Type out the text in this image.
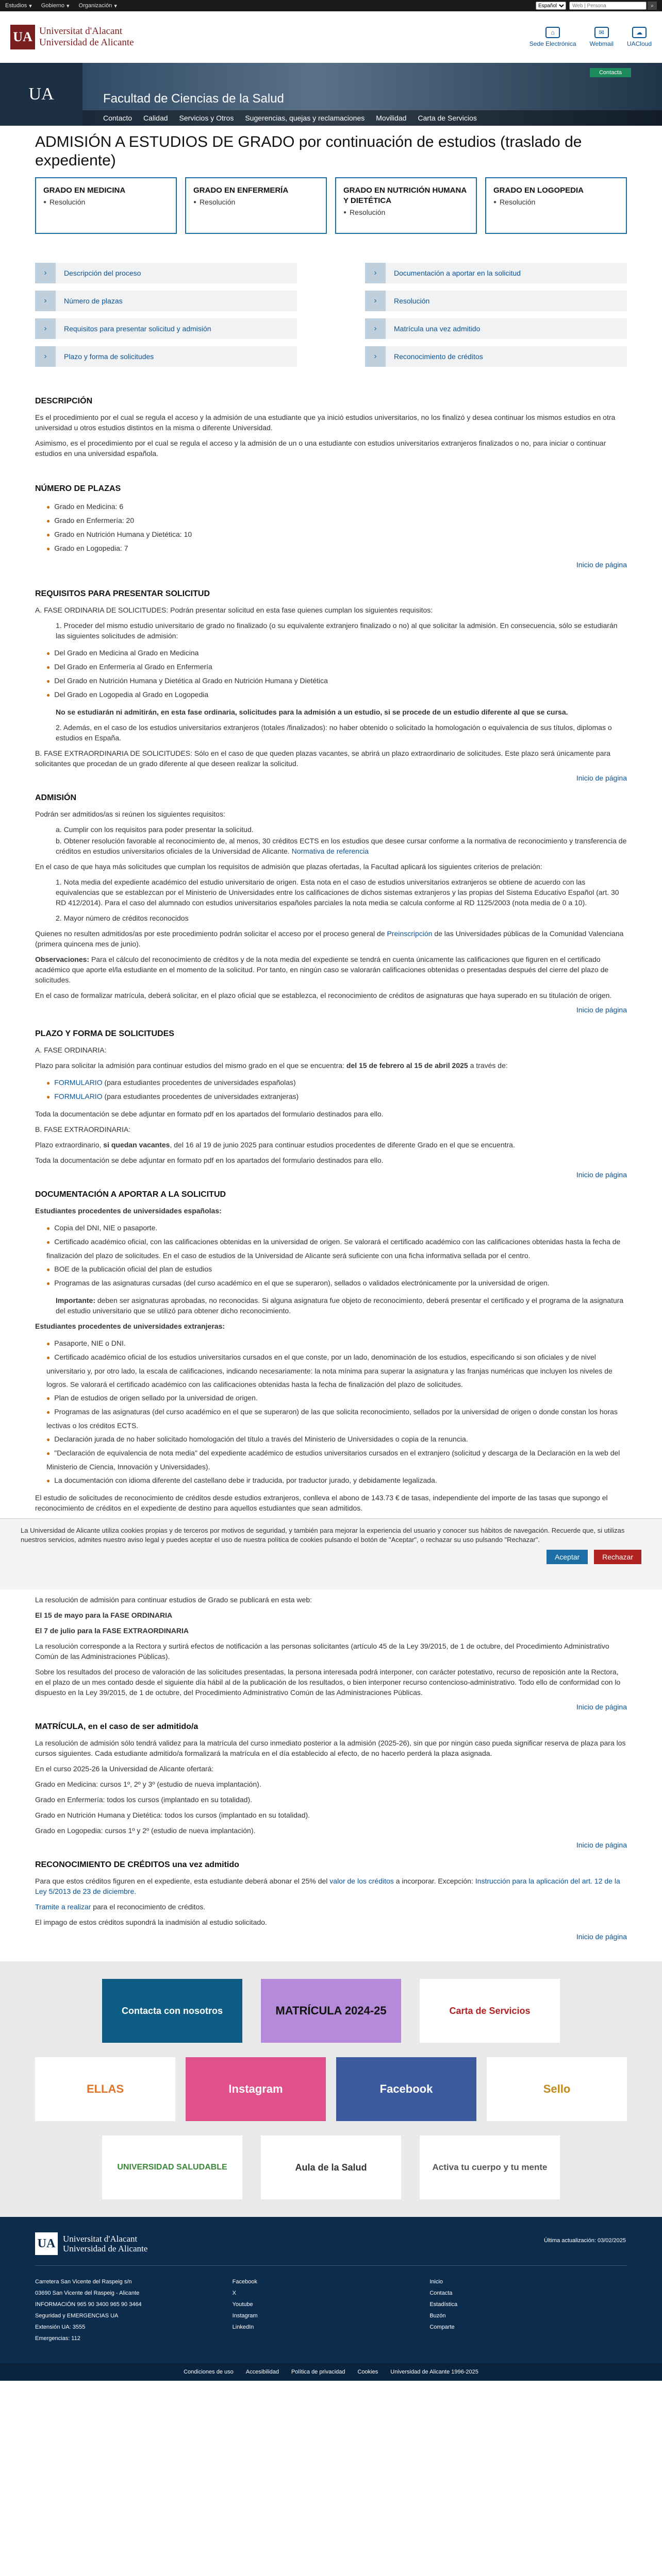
Estudios ▾ Gobierno ▾ Organización ▾
Español
Web | Persona	⌕
UA Universitat d'Alacant
Universidad de Alicante
⌂
Sede Electrónica
✉
Webmail
☁
UACloud
UA	Facultad de Ciencias de la Salud
Contacta
Contacto Calidad Servicios y Otros Sugerencias, quejas y reclamaciones Movilidad Carta de Servicios
ADMISIÓN A ESTUDIOS DE GRADO por continuación de estudios (traslado de expediente)
GRADO EN MEDICINA
● Resolución
GRADO EN ENFERMERÍA
● Resolución
GRADO EN NUTRICIÓN HUMANA Y DIETÉTICA
● Resolución
GRADO EN LOGOPEDIA
● Resolución
›	Descripción del proceso	›	Documentación a aportar en la solicitud
›	Número de plazas	›	Resolución
›	Requisitos para presentar solicitud y admisión	›	Matrícula una vez admitido
›	Plazo y forma de solicitudes	›	Reconocimiento de créditos
DESCRIPCIÓN

Es el procedimiento por el cual se regula el acceso y la admisión de una estudiante que ya inició estudios universitarios, no los finalizó y desea continuar los mismos estudios en otra universidad u otros estudios distintos en la misma o diferente Universidad.

Asimismo, es el procedimiento por el cual se regula el acceso y la admisión de un o una estudiante con estudios universitarios extranjeros finalizados o no, para iniciar o continuar estudios en una universidad española.

NÚMERO DE PLAZAS
● Grado en Medicina: 6
● Grado en Enfermería: 20
● Grado en Nutrición Humana y Dietética: 10
● Grado en Logopedia: 7
Inicio de página
REQUISITOS PARA PRESENTAR SOLICITUD

A. FASE ORDINARIA DE SOLICITUDES: Podrán presentar solicitud en esta fase quienes cumplan los siguientes requisitos:

1. Proceder del mismo estudio universitario de grado no finalizado (o su equivalente extranjero finalizado o no) al que solicitar la admisión. En consecuencia, sólo se estudiarán las siguientes solicitudes de admisión:

● Del Grado en Medicina al Grado en Medicina
● Del Grado en Enfermería al Grado en Enfermería
● Del Grado en Nutrición Humana y Dietética al Grado en Nutrición Humana y Dietética
● Del Grado en Logopedia al Grado en Logopedia

No se estudiarán ni admitirán, en esta fase ordinaria, solicitudes para la admisión a un estudio, si se procede de un estudio diferente al que se cursa.

2. Además, en el caso de los estudios universitarios extranjeros (totales /finalizados): no haber obtenido o solicitado la homologación o equivalencia de sus títulos, diplomas o estudios en España.

B. FASE EXTRAORDINARIA DE SOLICITUDES: Sólo en el caso de que queden plazas vacantes, se abrirá un plazo extraordinario de solicitudes. Este plazo será únicamente para solicitantes que procedan de un grado diferente al que deseen realizar la solicitud.

Inicio de página
ADMISIÓN

Podrán ser admitidos/as si reúnen los siguientes requisitos:

a. Cumplir con los requisitos para poder presentar la solicitud.

b. Obtener resolución favorable al reconocimiento de, al menos, 30 créditos ECTS en los estudios que desee cursar conforme a la normativa de reconocimiento y transferencia de créditos en estudios universitarios oficiales de la Universidad de Alicante. Normativa de referencia

En el caso de que haya más solicitudes que cumplan los requisitos de admisión que plazas ofertadas, la Facultad aplicará los siguientes criterios de prelación:

1. Nota media del expediente académico del estudio universitario de origen. Esta nota en el caso de estudios universitarios extranjeros se obtiene de acuerdo con las equivalencias que se establezcan por el Ministerio de Universidades entre los calificaciones de dichos sistemas extranjeros y las propias del Sistema Educativo Español (art. 30 RD 412/2014). Para el caso del alumnado con estudios universitarios españoles parciales la nota media se calcula conforme al RD 1125/2003 (nota media de 0 a 10).

2. Mayor número de créditos reconocidos

Quienes no resulten admitidos/as por este procedimiento podrán solicitar el acceso por el proceso general de Preinscripción de las Universidades públicas de la Comunidad Valenciana (primera quincena mes de junio).

Observaciones: Para el cálculo del reconocimiento de créditos y de la nota media del expediente se tendrá en cuenta únicamente las calificaciones que figuren en el certificado académico que aporte el/la estudiante en el momento de la solicitud. Por tanto, en ningún caso se valorarán calificaciones obtenidas o presentadas después del cierre del plazo de solicitudes.

En el caso de formalizar matrícula, deberá solicitar, en el plazo oficial que se establezca, el reconocimiento de créditos de asignaturas que haya superado en su titulación de origen.

Inicio de página
PLAZO Y FORMA DE SOLICITUDES

A. FASE ORDINARIA:

Plazo para solicitar la admisión para continuar estudios del mismo grado en el que se encuentra: del 15 de febrero al 15 de abril 2025 a través de:

● FORMULARIO (para estudiantes procedentes de universidades españolas)
● FORMULARIO (para estudiantes procedentes de universidades extranjeras)

Toda la documentación se debe adjuntar en formato pdf en los apartados del formulario destinados para ello.

B. FASE EXTRAORDINARIA:

Plazo extraordinario, si quedan vacantes, del 16 al 19 de junio 2025 para continuar estudios procedentes de diferente Grado en el que se encuentra.

Toda la documentación se debe adjuntar en formato pdf en los apartados del formulario destinados para ello.

Inicio de página
DOCUMENTACIÓN A APORTAR A LA SOLICITUD

Estudiantes procedentes de universidades españolas:

● Copia del DNI, NIE o pasaporte.
● Certificado académico oficial, con las calificaciones obtenidas en la universidad de origen. Se valorará el certificado académico con las calificaciones obtenidas hasta la fecha de finalización del plazo de solicitudes. En el caso de estudios de la Universidad de Alicante será suficiente con una ficha informativa sellada por el centro.
● BOE de la publicación oficial del plan de estudios
● Programas de las asignaturas cursadas (del curso académico en el que se superaron), sellados o validados electrónicamente por la universidad de origen.

Importante: deben ser asignaturas aprobadas, no reconocidas. Si alguna asignatura fue objeto de reconocimiento, deberá presentar el certificado y el programa de la asignatura del estudio universitario que se utilizó para obtener dicho reconocimiento.

Estudiantes procedentes de universidades extranjeras:

● Pasaporte, NIE o DNI.
● Certificado académico oficial de los estudios universitarios cursados en el que conste, por un lado, denominación de los estudios, especificando si son oficiales y de nivel universitario y, por otro lado, la escala de calificaciones, indicando necesariamente: la nota mínima para superar la asignatura y las franjas numéricas que incluyen los niveles de logros. Se valorará el certificado académico con las calificaciones obtenidas hasta la fecha de finalización del plazo de solicitudes.
● Plan de estudios de origen sellado por la universidad de origen.
● Programas de las asignaturas (del curso académico en el que se superaron) de las que solicita reconocimiento, sellados por la universidad de origen o donde constan los horas lectivas o los créditos ECTS.
● Declaración jurada de no haber solicitado homologación del título a través del Ministerio de Universidades o copia de la renuncia.
● "Declaración de equivalencia de nota media" del expediente académico de estudios universitarios cursados en el extranjero (solicitud y descarga de la Declaración en la web del Ministerio de Ciencia, Innovación y Universidades).
● La documentación con idioma diferente del castellano debe ir traducida, por traductor jurado, y debidamente legalizada.

El estudio de solicitudes de reconocimiento de créditos desde estudios extranjeros, conlleva el abono de 143.73 € de tasas, independiente del importe de las tasas que supongo el reconocimiento de créditos en el expediente de destino para aquellos estudiantes que sean admitidos.

La Universidad de Alicante utiliza cookies propias y de terceros por motivos de seguridad, y también para mejorar la experiencia del usuario y conocer sus hábitos de navegación. Recuerde que, si utilizas nuestros servicios, admites nuestro aviso legal y puedes aceptar el uso de nuestra política de cookies pulsando el botón de "Aceptar", o rechazar su uso pulsando "Rechazar".

Aceptar	Rechazar

La resolución de admisión para continuar estudios de Grado se publicará en esta web:

El 15 de mayo para la FASE ORDINARIA

El 7 de julio para la FASE EXTRAORDINARIA

La resolución corresponde a la Rectora y surtirá efectos de notificación a las personas solicitantes (artículo 45 de la Ley 39/2015, de 1 de octubre, del Procedimiento Administrativo Común de las Administraciones Públicas).

Sobre los resultados del proceso de valoración de las solicitudes presentadas, la persona interesada podrá interponer, con carácter potestativo, recurso de reposición ante la Rectora, en el plazo de un mes contado desde el siguiente día hábil al de la publicación de los resultados, o bien interponer recurso contencioso-administrativo. Todo ello de conformidad con lo dispuesto en la Ley 39/2015, de 1 de octubre, del Procedimiento Administrativo Común de las Administraciones Públicas.

Inicio de página
MATRÍCULA, en el caso de ser admitido/a

La resolución de admisión sólo tendrá validez para la matrícula del curso inmediato posterior a la admisión (2025-26), sin que por ningún caso pueda significar reserva de plaza para los cursos siguientes. Cada estudiante admitido/a formalizará la matrícula en el día establecido al efecto, de no hacerlo perderá la plaza asignada.

En el curso 2025-26 la Universidad de Alicante ofertará:

Grado en Medicina: cursos 1º, 2º y 3º (estudio de nueva implantación).

Grado en Enfermería: todos los cursos (implantado en su totalidad).

Grado en Nutrición Humana y Dietética: todos los cursos (implantado en su totalidad).

Grado en Logopedia: cursos 1º y 2º (estudio de nueva implantación).

Inicio de página
RECONOCIMIENTO DE CRÉDITOS una vez admitido

Para que estos créditos figuren en el expediente, esta estudiante deberá abonar el 25% del valor de los créditos a incorporar. Excepción: Instrucción para la aplicación del art. 12 de la Ley 5/2013 de 23 de diciembre.

Tramite a realizar para el reconocimiento de créditos.

El impago de estos créditos supondrá la inadmisión al estudio solicitado.

Inicio de página
Contacta con nosotros	MATRÍCULA 2024-25	Carta de Servicios
ELLAS	Instagram	Facebook	Sello
UNIVERSIDAD SALUDABLE	Aula de la Salud	Activa tu cuerpo y tu mente
UA Universitat d'Alacant
Universidad de Alicante
Última actualización: 03/02/2025
Carretera San Vicente del Raspeig s/n
03690 San Vicente del Raspeig - Alicante
INFORMACIÓN 965 90 3400 965 90 3464
Seguridad y EMERGENCIAS UA
Extensión UA: 3555
Emergencias: 112
Facebook
X
Youtube
Instagram
LinkedIn
Inicio
Contacta
Estadística
Buzón
Comparte
Condiciones de uso Accesibilidad Política de privacidad Cookies Universidad de Alicante 1996-2025
